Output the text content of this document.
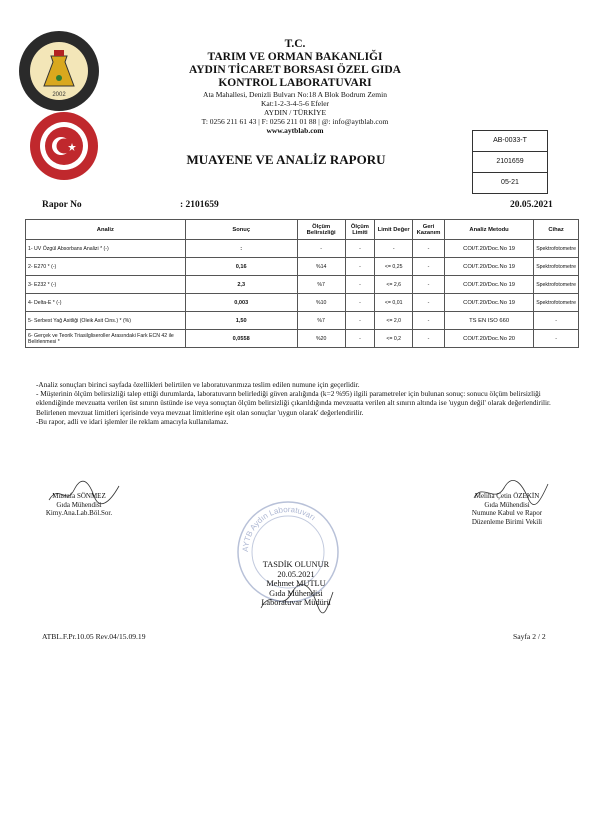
2002
T.C.
TARIM VE ORMAN BAKANLIĞI
AYDIN TİCARET BORSASI ÖZEL GIDA
KONTROL LABORATUVARI
Ata Mahallesi, Denizli Bulvarı No:18 A Blok Bodrum Zemin
Kat:1-2-3-4-5-6 Efeler
AYDIN / TÜRKİYE
T: 0256 211 61 43 | F: 0256 211 01 88 | @: info@aytblab.com
www.aytblab.com
AB-0033-T
2101659
05-21
MUAYENE VE ANALİZ RAPORU
Rapor No	: 2101659	20.05.2021
Analiz	Sonuç	Ölçüm Belirsizliği	Ölçüm Limiti	Limit Değer	Geri Kazanım	Analiz Metodu	Cihaz
1- UV Özgül Absorbans Analizi * (-)	:	-	-	-	-	COI/T.20/Doc.No 19	Spektrofotometre
2- E270 * (-)	0,16	%14	-	<= 0,25	-	COI/T.20/Doc.No 19	Spektrofotometre
3- E232 * (-)	2,3	%7	-	<= 2,6	-	COI/T.20/Doc.No 19	Spektrofotometre
4- Delta-E * (-)	0,003	%10	-	<= 0,01	-	COI/T.20/Doc.No 19	Spektrofotometre
5- Serbest Yağ Asitliği (Oleik Asit Cins.) * (%)	1,50	%7	-	<= 2,0	-	TS EN ISO 660	-
6- Gerçek ve Teorik Triasilgliseroller Arasındaki Fark ECN 42 ile Belirlenmesi *	0,0558	%20	-	<= 0,2	-	COI/T.20/Doc.No 20	-
-Analiz sonuçları birinci sayfada özellikleri belirtilen ve laboratuvarımıza teslim edilen numune için geçerlidir.
- Müşterinin ölçüm belirsizliği talep ettiği durumlarda, laboratuvarın belirlediği güven aralığında (k=2 %95) ilgili parametreler için bulunan sonuç: sonucu ölçüm belirsizliği eklendiğinde mevzuatta verilen üst sınırın üstünde ise veya sonuçtan ölçüm belirsizliği çıkarıldığında mevzuatta verilen alt sınırın altında ise 'uygun değil' olarak değerlendirilir. Belirlenen mevzuat limitleri içerisinde veya mevzuat limitlerine eşit olan sonuçlar 'uygun olarak' değerlendirilir.
-Bu rapor, adli ve idari işlemler ile reklam amacıyla kullanılamaz.
Mustafa SÖNMEZ
Gıda Mühendisi
Kimy.Ana.Lab.Böl.Sor.
Meliha Çetin ÖZEKİN
Gıda Mühendisi
Numune Kabul ve Rapor
Düzenleme Birimi Vekili
AYTB Aydın Laboratuvarı
TASDİK OLUNUR
20.05.2021
Mehmet MUTLU
Gıda Mühendisi
Laboratuvar Müdürü
ATBL.F.Pr.10.05 Rev.04/15.09.19	Sayfa 2 / 2
